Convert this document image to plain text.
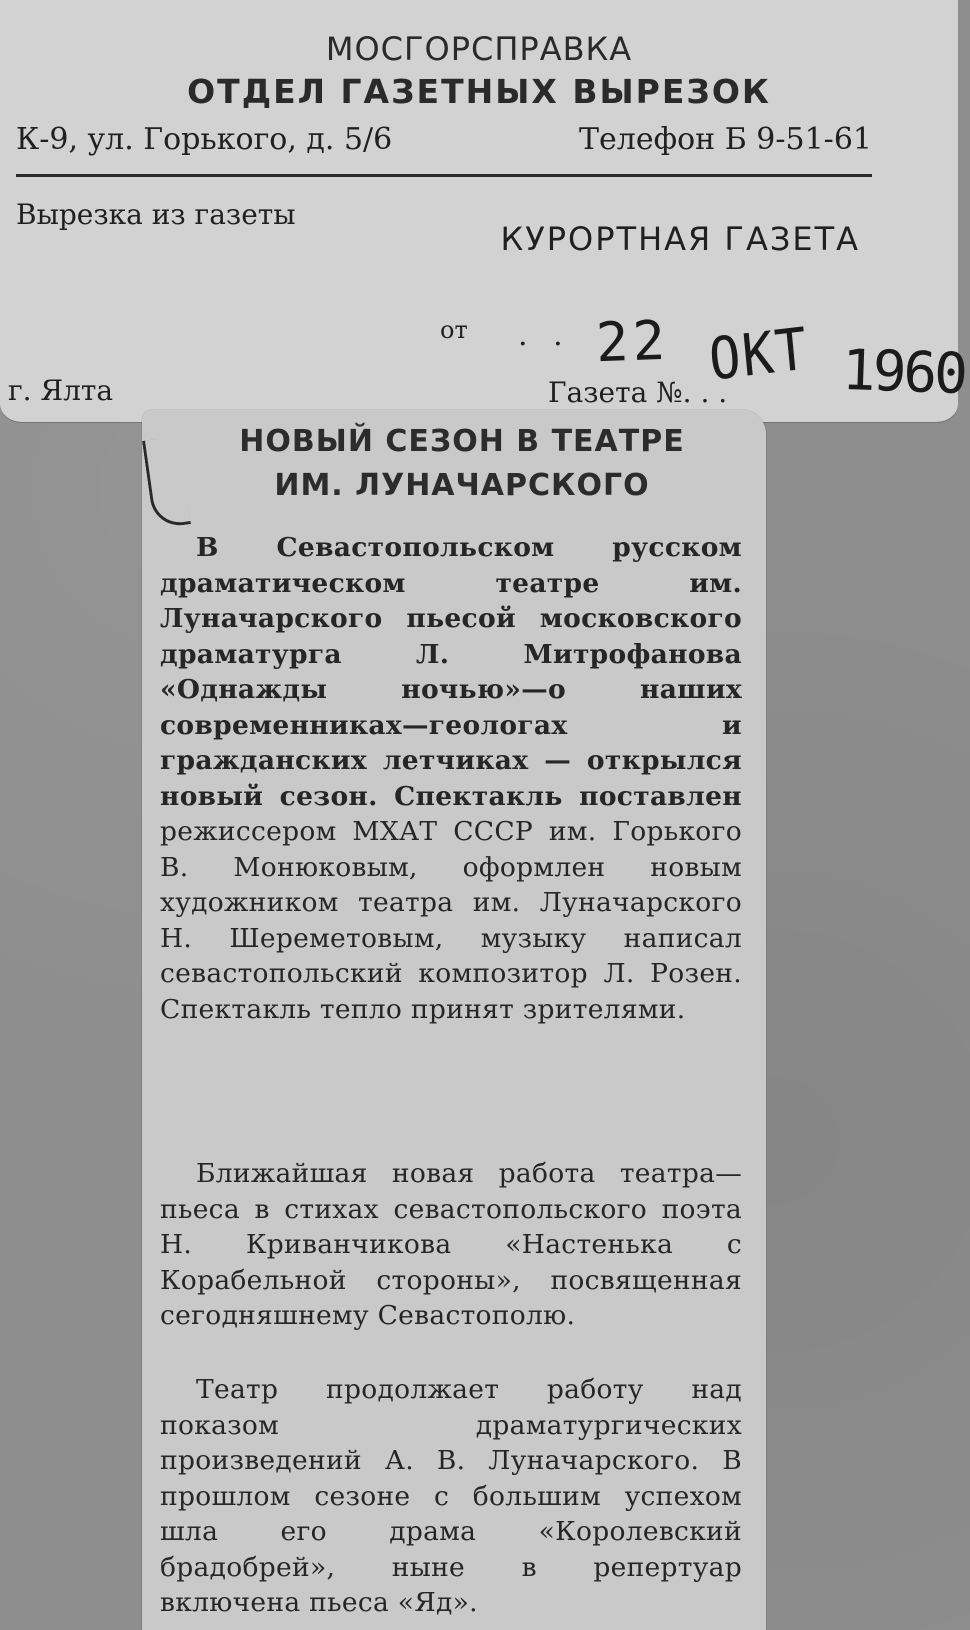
МОСГОРСПРАВКА
ОТДЕЛ ГАЗЕТНЫХ ВЫРЕЗОК
К-9, ул. Горького, д. 5/6	Телефон Б 9-51-61
Вырезка из газеты
КУРОРТНАЯ ГАЗЕТА
от . .
г. Ялта	Газета №. . .
22 ОКТ 1960
НОВЫЙ СЕЗОН В ТЕАТРЕ
ИМ. ЛУНАЧАРСКОГО
В Севастопольском русском драматическом театре им. Луначарского пьесой московского драматурга Л. Митрофанова «Однажды ночью»—о наших современниках—геологах и гражданских летчиках — открылся новый сезон. Спектакль поставлен режиссером МХАТ СССР им. Горького В. Монюковым, оформлен новым художником театра им. Луначарского Н. Шереметовым, музыку написал севастопольский композитор Л. Розен. Спектакль тепло принят зрителями.
Ближайшая новая работа театра—пьеса в стихах севастопольского поэта Н. Криванчикова «Настенька с Корабельной стороны», посвященная сегодняшнему Севастополю.
Театр продолжает работу над показом драматургических произведений А. В. Луначарского. В прошлом сезоне с большим успехом шла его драма «Королевский брадобрей», ныне в репертуар включена пьеса «Яд».
